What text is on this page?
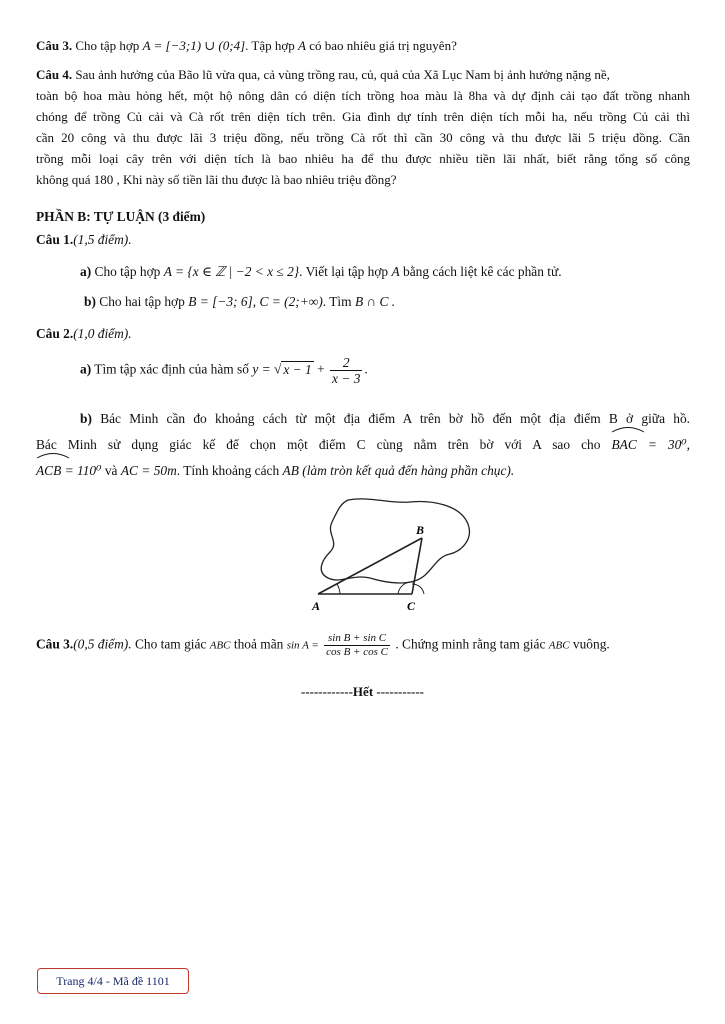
Câu 3. Cho tập hợp A = [−3;1) ∪ (0;4]. Tập hợp A có bao nhiêu giá trị nguyên?
Câu 4. Sau ảnh hưởng của Bão lũ vừa qua, cả vùng trồng rau, củ, quả của Xã Lục Nam bị ảnh hưởng nặng nề,
toàn bộ hoa màu hỏng hết, một hộ nông dân có diện tích trồng hoa màu là 8ha và dự định cải tạo đất trồng nhanh
chóng để trồng Củ cải và Cà rốt trên diện tích trên. Gia đình dự tính trên diện tích mỗi ha, nếu trồng Củ cải thì
cần 20 công và thu được lãi 3 triệu đồng, nếu trồng Cà rốt thì cần 30 công và thu được lãi 5 triệu đồng. Cần
trồng mỗi loại cây trên với diện tích là bao nhiêu ha để thu được nhiều tiền lãi nhất, biết rằng tổng số công
không quá 180 , Khi này số tiền lãi thu được là bao nhiêu triệu đồng?
PHẦN B: TỰ LUẬN (3 điểm)
Câu 1.(1,5 điểm).
a) Cho tập hợp A = {x ∈ ℤ | −2 < x ≤ 2}. Viết lại tập hợp A bằng cách liệt kê các phần tử.
b) Cho hai tập hợp B = [−3; 6], C = (2;+∞). Tìm B ∩ C .
Câu 2.(1,0 điểm).
a) Tìm tập xác định của hàm số y = √ $x - 1 + \frac{2}{x - 3}$ .
b) Bác Minh cần đo khoảng cách từ một địa điểm A trên bờ hồ đến một địa điểm B ở giữa hồ.
Bác Minh sử dụng giác kế để chọn một điểm C cùng nằm trên bờ với A sao cho BAC = 30⁰,
ACB = 110⁰ và AC = 50m. Tính khoảng cách AB (làm tròn kết quả đến hàng phần chục).
B
A	C
Câu 3.(0,5 điểm). Cho tam giác ABC thoả mãn $\sin A = \frac{\text{sin B + sin C}}{\text{cos B + cos C}}$ . Chứng minh rằng tam giác ABC vuông.
------------Hết -----------
Trang 4/4 - Mã đề 1101
